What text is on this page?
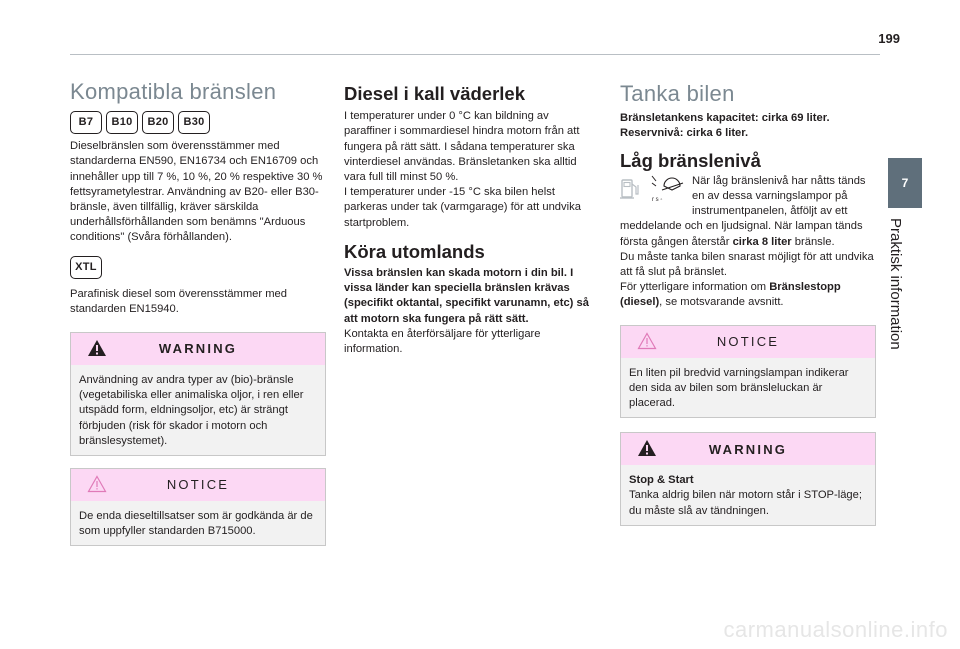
199
7
Praktisk information
Kompatibla bränslen
B7	B10	B20	B30

Dieselbränslen som överensstämmer med standarderna EN590, EN16734 och EN16709 och innehåller upp till 7 %, 10 %, 20 % respektive 30 % fettsyrametylestrar. Användning av B20- eller B30-bränsle, även tillfällig, kräver särskilda underhållsförhållanden som benämns "Arduous conditions" (Svåra förhållanden).

XTL

Parafinisk diesel som överensstämmer med standarden EN15940.

WARNING
Användning av andra typer av (bio)-bränsle (vegetabiliska eller animaliska oljor, i ren eller utspädd form, eldningsoljor, etc) är strängt förbjuden (risk för skador i motorn och bränslesystemet).
NOTICE
De enda dieseltillsatser som är godkända är de som uppfyller standarden B715000.
Diesel i kall väderlek

I temperaturer under 0 °C kan bildning av paraffiner i sommardiesel hindra motorn från att fungera på rätt sätt. I sådana temperaturer ska vinterdiesel användas. Bränsletanken ska alltid vara full till minst 50 %.

I temperaturer under -15 °C ska bilen helst parkeras under tak (varmgarage) för att undvika startproblem.

Köra utomlands

Vissa bränslen kan skada motorn i din bil. I vissa länder kan speciella bränslen krävas (specifikt oktantal, specifikt varunamn, etc) så att motorn ska fungera på rätt sätt.

Kontakta en återförsäljare för ytterligare information.

Tanka bilen

Bränsletankens kapacitet: cirka 69 liter.

Reservnivå: cirka 6 liter.

Låg bränslenivå
r s ◦
När låg bränslenivå har nåtts tänds en av dessa varningslampor på instrumentpanelen, åtföljt av ett meddelande och en ljudsignal. När lampan tänds första gången återstår cirka 8 liter bränsle.

Du måste tanka bilen snarast möjligt för att undvika att få slut på bränslet.

För ytterligare information om Bränslestopp (diesel), se motsvarande avsnitt.

NOTICE
En liten pil bredvid varningslampan indikerar den sida av bilen som bränsleluckan är placerad.
WARNING
Stop & Start
Tanka aldrig bilen när motorn står i STOP-läge; du måste slå av tändningen.
carmanualsonline.info
